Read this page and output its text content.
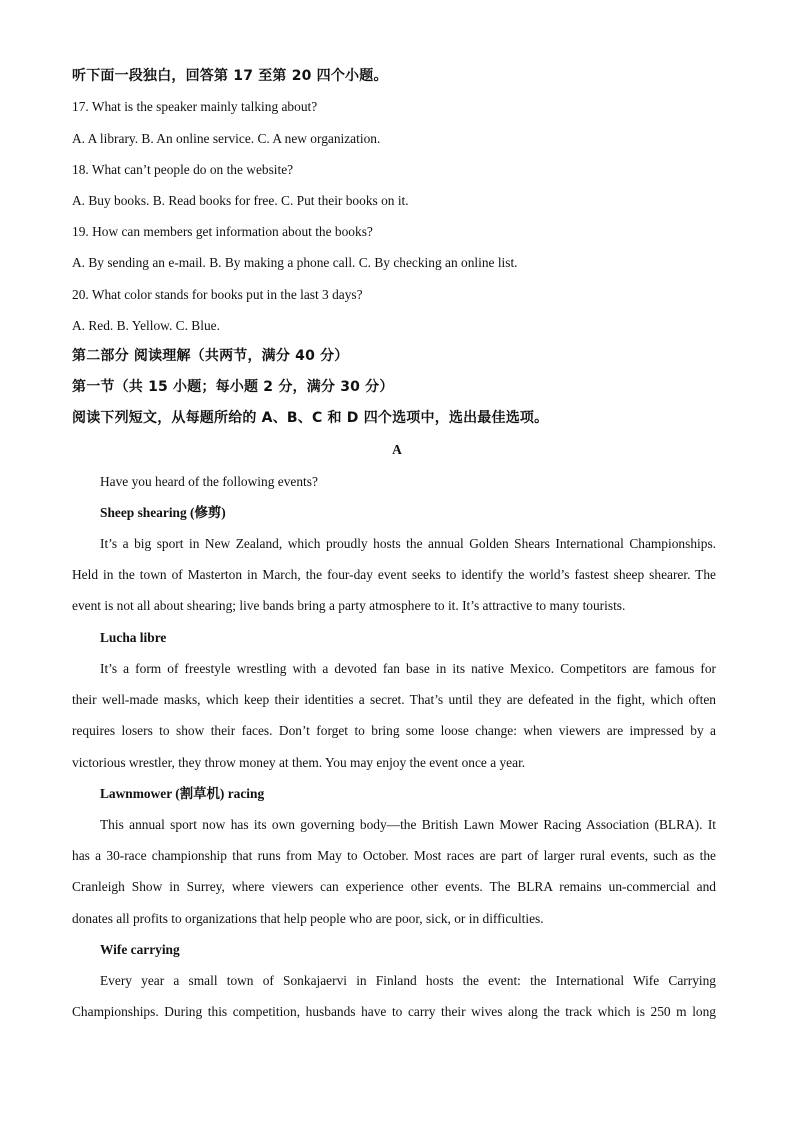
听下面一段独白，回答第 17 至第 20 四个小题。
17. What is the speaker mainly talking about?
A. A library. B. An online service. C. A new organization.
18. What can’t people do on the website?
A. Buy books. B. Read books for free. C. Put their books on it.
19. How can members get information about the books?
A. By sending an e-mail. B. By making a phone call. C. By checking an online list.
20. What color stands for books put in the last 3 days?
A. Red. B. Yellow. C. Blue.
第二部分 阅读理解（共两节，满分 40 分）
第一节（共 15 小题；每小题 2 分，满分 30 分）
阅读下列短文，从每题所给的 A、B、C 和 D 四个选项中，选出最佳选项。
A
Have you heard of the following events?
Sheep shearing (修剪)
It’s a big sport in New Zealand, which proudly hosts the annual Golden Shears International Championships.
Held in the town of Masterton in March, the four-day event seeks to identify the world’s fastest sheep shearer. The
event is not all about shearing; live bands bring a party atmosphere to it. It’s attractive to many tourists.
Lucha libre
It’s a form of freestyle wrestling with a devoted fan base in its native Mexico. Competitors are famous for
their well-made masks, which keep their identities a secret. That’s until they are defeated in the fight, which often
requires losers to show their faces. Don’t forget to bring some loose change: when viewers are impressed by a
victorious wrestler, they throw money at them. You may enjoy the event once a year.
Lawnmower (割草机) racing
This annual sport now has its own governing body—the British Lawn Mower Racing Association (BLRA). It
has a 30-race championship that runs from May to October. Most races are part of larger rural events, such as the
Cranleigh Show in Surrey, where viewers can experience other events. The BLRA remains un-commercial and
donates all profits to organizations that help people who are poor, sick, or in difficulties.
Wife carrying
Every year a small town of Sonkajaervi in Finland hosts the event: the International Wife Carrying
Championships. During this competition, husbands have to carry their wives along the track which is 250 m long
